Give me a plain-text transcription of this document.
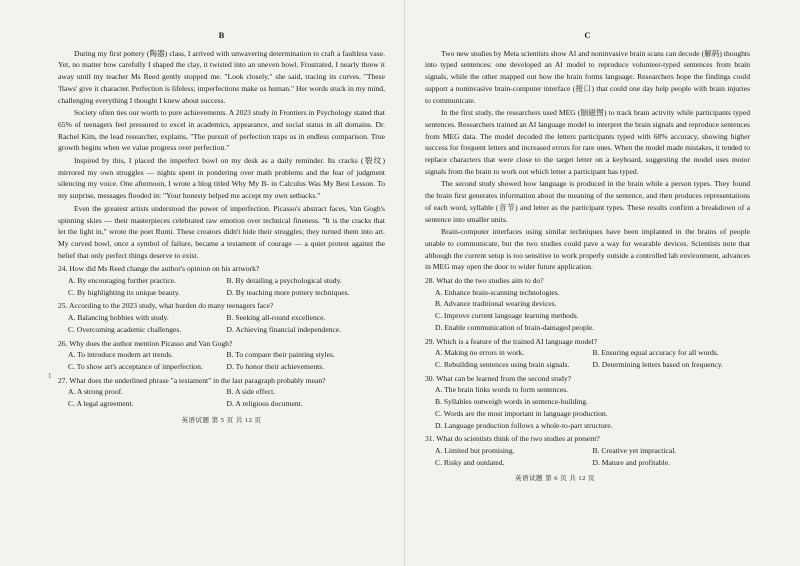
1
B

During my first pottery (陶器) class, I arrived with unwavering determination to craft a faultless vase. Yet, no matter how carefully I shaped the clay, it twisted into an uneven bowl. Frustrated, I nearly threw it away until my teacher Ms Reed gently stopped me. "Look closely," she said, tracing its curves. "These 'flaws' give it character. Perfection is lifeless; imperfections make us human." Her words stuck in my mind, challenging everything I thought I knew about success.

Society often ties our worth to pure achievements. A 2023 study in Frontiers in Psychology stated that 65% of teenagers feel pressured to excel in academics, appearance, and social status in all domains. Dr. Rachel Kim, the lead researcher, explains, "The pursuit of perfection traps us in endless comparison. True growth begins when we value progress over perfection."

Inspired by this, I placed the imperfect bowl on my desk as a daily reminder. Its cracks (裂纹) mirrored my own struggles — nights spent in pondering over math problems and the fear of judgment silencing my voice. One afternoon, I wrote a blog titled Why My B- in Calculus Was My Best Lesson. To my surprise, messages flooded in: "Your honesty helped me accept my own setbacks."

Even the greatest artists understood the power of imperfection. Picasso's abstract faces, Van Gogh's spinning skies — their masterpieces celebrated raw emotion over technical fineness. "It is the cracks that let the light in," wrote the poet Rumi. These creators didn't hide their struggles; they turned them into art. My curved bowl, once a symbol of failure, became a testament of courage — a quiet protest against the belief that only perfect things deserve to exist.

24. How did Ms Reed change the author's opinion on his artwork?
A. By encouraging further practice.	B. By detailing a psychological study.
C. By highlighting its unique beauty.	D. By teaching more pottery techniques.
25. According to the 2023 study, what burden do many teenagers face?
A. Balancing hobbies with study.	B. Seeking all-round excellence.
C. Overcoming academic challenges.	D. Achieving financial independence.
26. Why does the author mention Picasso and Van Gogh?
A. To introduce modern art trends.	B. To compare their painting styles.
C. To show art's acceptance of imperfection.	D. To honor their achievements.
27. What does the underlined phrase "a testament" in the last paragraph probably mean?
A. A strong proof.	B. A side effect.
C. A legal agreement.	D. A religious document.
英语试题 第 5 页 共 12 页
C

Two new studies by Meta scientists show AI and noninvasive brain scans can decode (解码) thoughts into typed sentences: one developed an AI model to reproduce volunteer-typed sentences from brain signals, while the other mapped out how the brain forms language. Researchers hope the findings could support a noninvasive brain-computer interface (接口) that could one day help people with brain injuries to communicate.

In the first study, the researchers used MEG (脑磁图) to track brain activity while participants typed sentences. Researchers trained an AI language model to interpret the brain signals and reproduce sentences from MEG data. The model decoded the letters participants typed with 68% accuracy, showing higher success for frequent letters and increased errors for rare ones. When the model made mistakes, it tended to replace characters that were close to the target letter on a keyboard, suggesting the model uses motor signals from the brain to work out which letter a participant has typed.

The second study showed how language is produced in the brain while a person types. They found the brain first generates information about the meaning of the sentence, and then produces representations of each word, syllable (音节) and letter as the participant types. These results confirm a breakdown of a sentence into smaller units.

Brain-computer interfaces using similar techniques have been implanted in the brains of people unable to communicate, but the two studies could pave a way for wearable devices. Scientists note that although the current setup is too sensitive to work properly outside a controlled lab environment, advances in MEG may open the door to wider future application.

28. What do the two studies aim to do?
A. Enhance brain-scanning technologies.
B. Advance traditional wearing devices.
C. Improve current language learning methods.
D. Enable communication of brain-damaged people.
29. Which is a feature of the trained AI language model?
A. Making no errors in work.	B. Ensuring equal accuracy for all words.
C. Rebuilding sentences using brain signals.	D. Determining letters based on frequency.
30. What can be learned from the second study?
A. The brain links words to form sentences.
B. Syllables outweigh words in sentence-building.
C. Words are the most important in language production.
D. Language production follows a whole-to-part structure.
31. What do scientists think of the two studies at present?
A. Limited but promising.	B. Creative yet impractical.
C. Risky and outdated.	D. Mature and profitable.
英语试题 第 6 页 共 12 页
